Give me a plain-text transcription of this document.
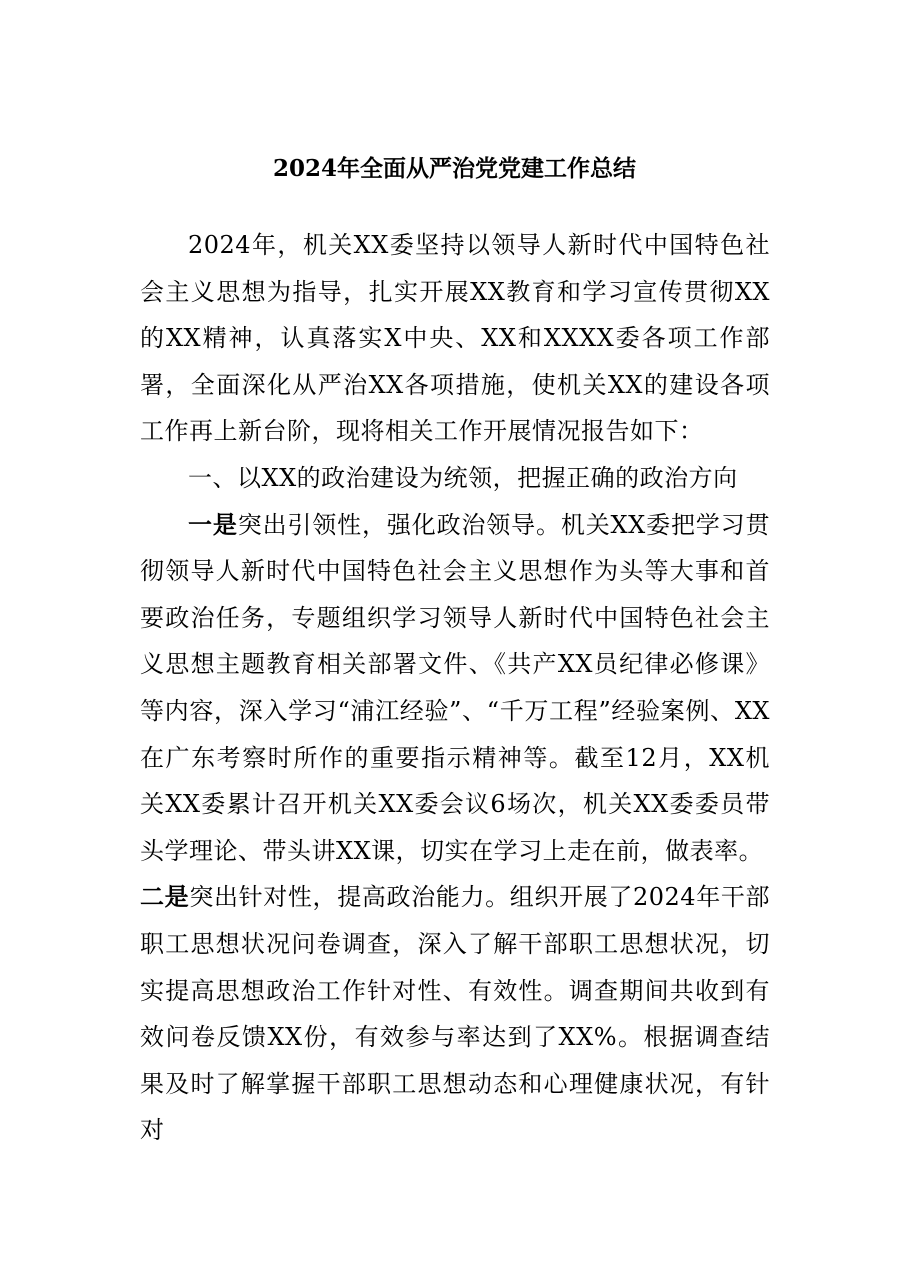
2024年全面从严治党党建工作总结

2024年，机关XX委坚持以领导人新时代中国特色社会主义思想为指导，扎实开展XX教育和学习宣传贯彻XX的XX精神，认真落实X中央、XX和XXXX委各项工作部署，全面深化从严治XX各项措施，使机关XX的建设各项工作再上新台阶，现将相关工作开展情况报告如下：

一、以XX的政治建设为统领，把握正确的政治方向

一是突出引领性，强化政治领导。机关XX委把学习贯彻领导人新时代中国特色社会主义思想作为头等大事和首要政治任务，专题组织学习领导人新时代中国特色社会主义思想主题教育相关部署文件、《共产XX员纪律必修课》等内容，深入学习“浦江经验”、“千万工程”经验案例、XX在广东考察时所作的重要指示精神等。截至12月，XX机关XX委累计召开机关XX委会议6场次，机关XX委委员带头学理论、带头讲XX课，切实在学习上走在前，做表率。

二是突出针对性，提高政治能力。组织开展了2024年干部职工思想状况问卷调查，深入了解干部职工思想状况，切实提高思想政治工作针对性、有效性。调查期间共收到有效问卷反馈XX份，有效参与率达到了XX%。根据调查结果及时了解掌握干部职工思想动态和心理健康状况，有针对
